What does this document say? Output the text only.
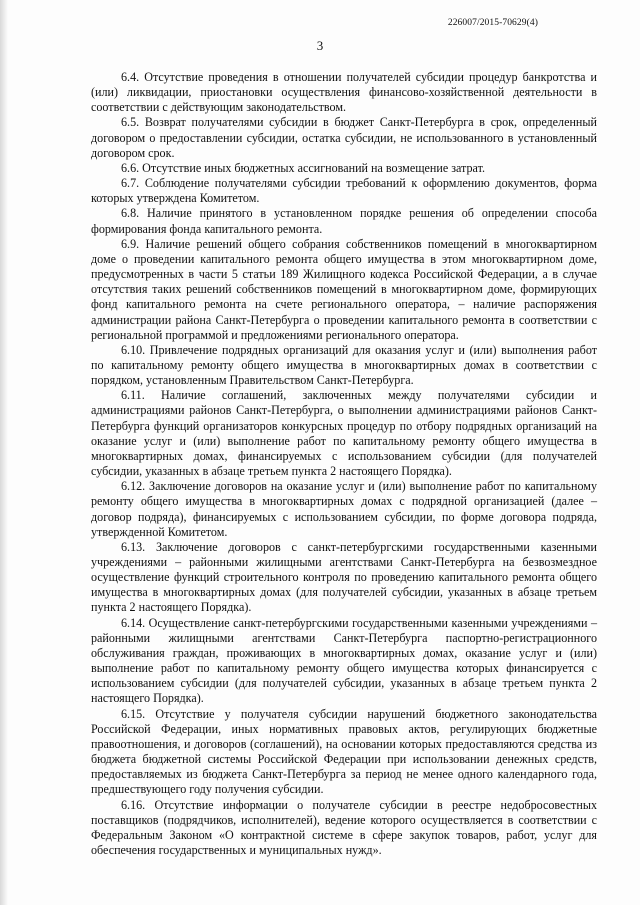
226007/2015-70629(4)
3

6.4. Отсутствие проведения в отношении получателей субсидии процедур банкротства и (или) ликвидации, приостановки осуществления финансово-хозяйственной деятельности в соответствии с действующим законодательством.

6.5. Возврат получателями субсидии в бюджет Санкт-Петербурга в срок, определенный договором о предоставлении субсидии, остатка субсидии, не использованного в установленный договором срок.

6.6. Отсутствие иных бюджетных ассигнований на возмещение затрат.

6.7. Соблюдение получателями субсидии требований к оформлению документов, форма которых утверждена Комитетом.

6.8. Наличие принятого в установленном порядке решения об определении способа формирования фонда капитального ремонта.

6.9. Наличие решений общего собрания собственников помещений в многоквартирном доме о проведении капитального ремонта общего имущества в этом многоквартирном доме, предусмотренных в части 5 статьи 189 Жилищного кодекса Российской Федерации, а в случае отсутствия таких решений собственников помещений в многоквартирном доме, формирующих фонд капитального ремонта на счете регионального оператора, – наличие распоряжения администрации района Санкт-Петербурга о проведении капитального ремонта в соответствии с региональной программой и предложениями регионального оператора.

6.10. Привлечение подрядных организаций для оказания услуг и (или) выполнения работ по капитальному ремонту общего имущества в многоквартирных домах в соответствии с порядком, установленным Правительством Санкт-Петербурга.

6.11. Наличие соглашений, заключенных между получателями субсидии и администрациями районов Санкт-Петербурга, о выполнении администрациями районов Санкт-Петербурга функций организаторов конкурсных процедур по отбору подрядных организаций на оказание услуг и (или) выполнение работ по капитальному ремонту общего имущества в многоквартирных домах, финансируемых с использованием субсидии (для получателей субсидии, указанных в абзаце третьем пункта 2 настоящего Порядка).

6.12. Заключение договоров на оказание услуг и (или) выполнение работ по капитальному ремонту общего имущества в многоквартирных домах с подрядной организацией (далее – договор подряда), финансируемых с использованием субсидии, по форме договора подряда, утвержденной Комитетом.

6.13. Заключение договоров с санкт-петербургскими государственными казенными учреждениями – районными жилищными агентствами Санкт-Петербурга на безвозмездное осуществление функций строительного контроля по проведению капитального ремонта общего имущества в многоквартирных домах (для получателей субсидии, указанных в абзаце третьем пункта 2 настоящего Порядка).

6.14. Осуществление санкт-петербургскими государственными казенными учреждениями – районными жилищными агентствами Санкт-Петербурга паспортно-регистрационного обслуживания граждан, проживающих в многоквартирных домах, оказание услуг и (или) выполнение работ по капитальному ремонту общего имущества которых финансируется с использованием субсидии (для получателей субсидии, указанных в абзаце третьем пункта 2 настоящего Порядка).

6.15. Отсутствие у получателя субсидии нарушений бюджетного законодательства Российской Федерации, иных нормативных правовых актов, регулирующих бюджетные правоотношения, и договоров (соглашений), на основании которых предоставляются средства из бюджета бюджетной системы Российской Федерации при использовании денежных средств, предоставляемых из бюджета Санкт-Петербурга за период не менее одного календарного года, предшествующего году получения субсидии.

6.16. Отсутствие информации о получателе субсидии в реестре недобросовестных поставщиков (подрядчиков, исполнителей), ведение которого осуществляется в соответствии с Федеральным Законом «О контрактной системе в сфере закупок товаров, работ, услуг для обеспечения государственных и муниципальных нужд».
